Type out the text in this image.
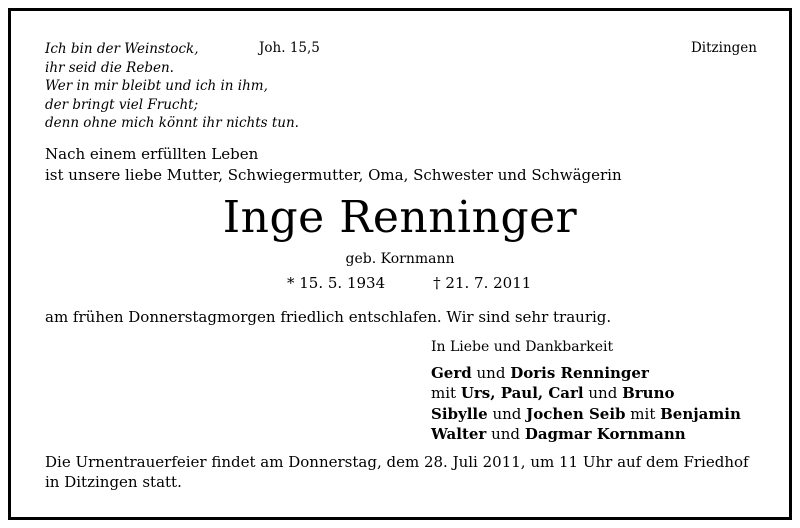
Ich bin der Weinstock,
ihr seid die Reben.
Wer in mir bleibt und ich in ihm,
der bringt viel Frucht;
denn ohne mich könnt ihr nichts tun.
Joh. 15,5	Ditzingen
Nach einem erfüllten Leben
ist unsere liebe Mutter, Schwiegermutter, Oma, Schwester und Schwägerin
Inge Renninger
geb. Kornmann
* 15. 5. 1934	† 21. 7. 2011
am frühen Donnerstagmorgen friedlich entschlafen. Wir sind sehr traurig.
In Liebe und Dankbarkeit
Gerd und Doris Renninger
mit Urs, Paul, Carl und Bruno
Sibylle und Jochen Seib mit Benjamin
Walter und Dagmar Kornmann
Die Urnentrauerfeier findet am Donnerstag, dem 28. Juli 2011, um 11 Uhr auf dem Friedhof
in Ditzingen statt.
